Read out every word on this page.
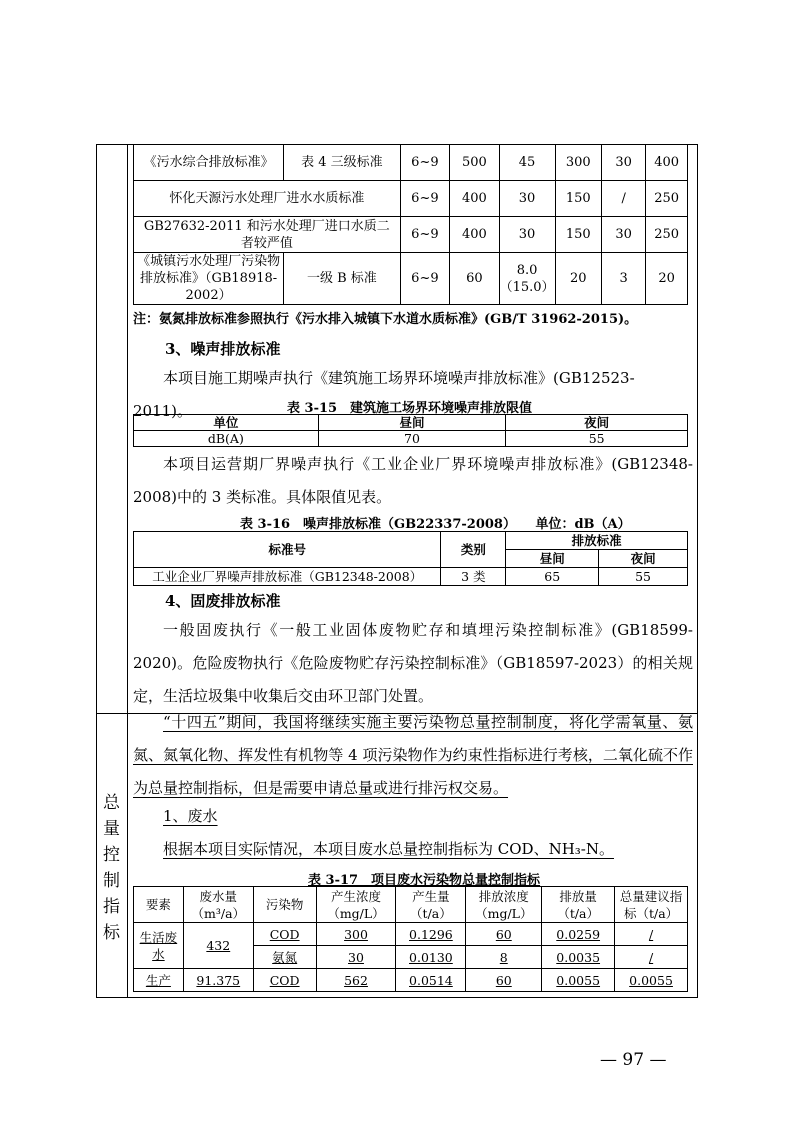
《污水综合排放标准》	表 4 三级标准	6~9	500	45	300	30	400
怀化天源污水处理厂进水水质标准		6~9	400	30	150	/	250
GB27632-2011 和污水处理厂进口水质二者较严值		6~9	400	30	150	30	250
《城镇污水处理厂污染物排放标准》（GB18918-2002）	一级 B 标准	6~9	60	8.0（15.0）	20	3	20
注：氨氮排放标准参照执行《污水排入城镇下水道水质标准》(GB/T 31962-2015)。
3、噪声排放标准
本项目施工期噪声执行《建筑施工场界环境噪声排放标准》(GB12523-2011)。	表 3-15　建筑施工场界环境噪声排放限值
单位	昼间	夜间
dB(A)	70	55
本项目运营期厂界噪声执行《工业企业厂界环境噪声排放标准》(GB12348-2008)中的 3 类标准。具体限值见表。
表 3-16　噪声排放标准（GB22337-2008）　　单位：dB（A）
标准号	类别	排放标准	
		昼间	夜间
工业企业厂界噪声排放标准（GB12348-2008）	3 类	65	55
4、固废排放标准
一般固废执行《一般工业固体废物贮存和填埋污染控制标准》(GB18599-2020)。危险废物执行《危险废物贮存污染控制标准》（GB18597-2023）的相关规定，生活垃圾集中收集后交由环卫部门处置。
总量控制指标
“十四五”期间，我国将继续实施主要污染物总量控制制度，将化学需氧量、氨氮、氮氧化物、挥发性有机物等 4 项污染物作为约束性指标进行考核，二氧化硫不作为总量控制指标，但是需要申请总量或进行排污权交易。
1、废水
根据本项目实际情况，本项目废水总量控制指标为 COD、NH₃-N。
表 3-17　项目废水污染物总量控制指标
要素	废水量（m³/a）	污染物	产生浓度（mg/L）	产生量（t/a）	排放浓度（mg/L）	排放量（t/a）	总量建议指标（t/a）
生活废水	432	COD	300	0.1296	60	0.0259	/
		氨氮	30	0.0130	8	0.0035	/
生产	91.375	COD	562	0.0514	60	0.0055	0.0055
— 97 —
